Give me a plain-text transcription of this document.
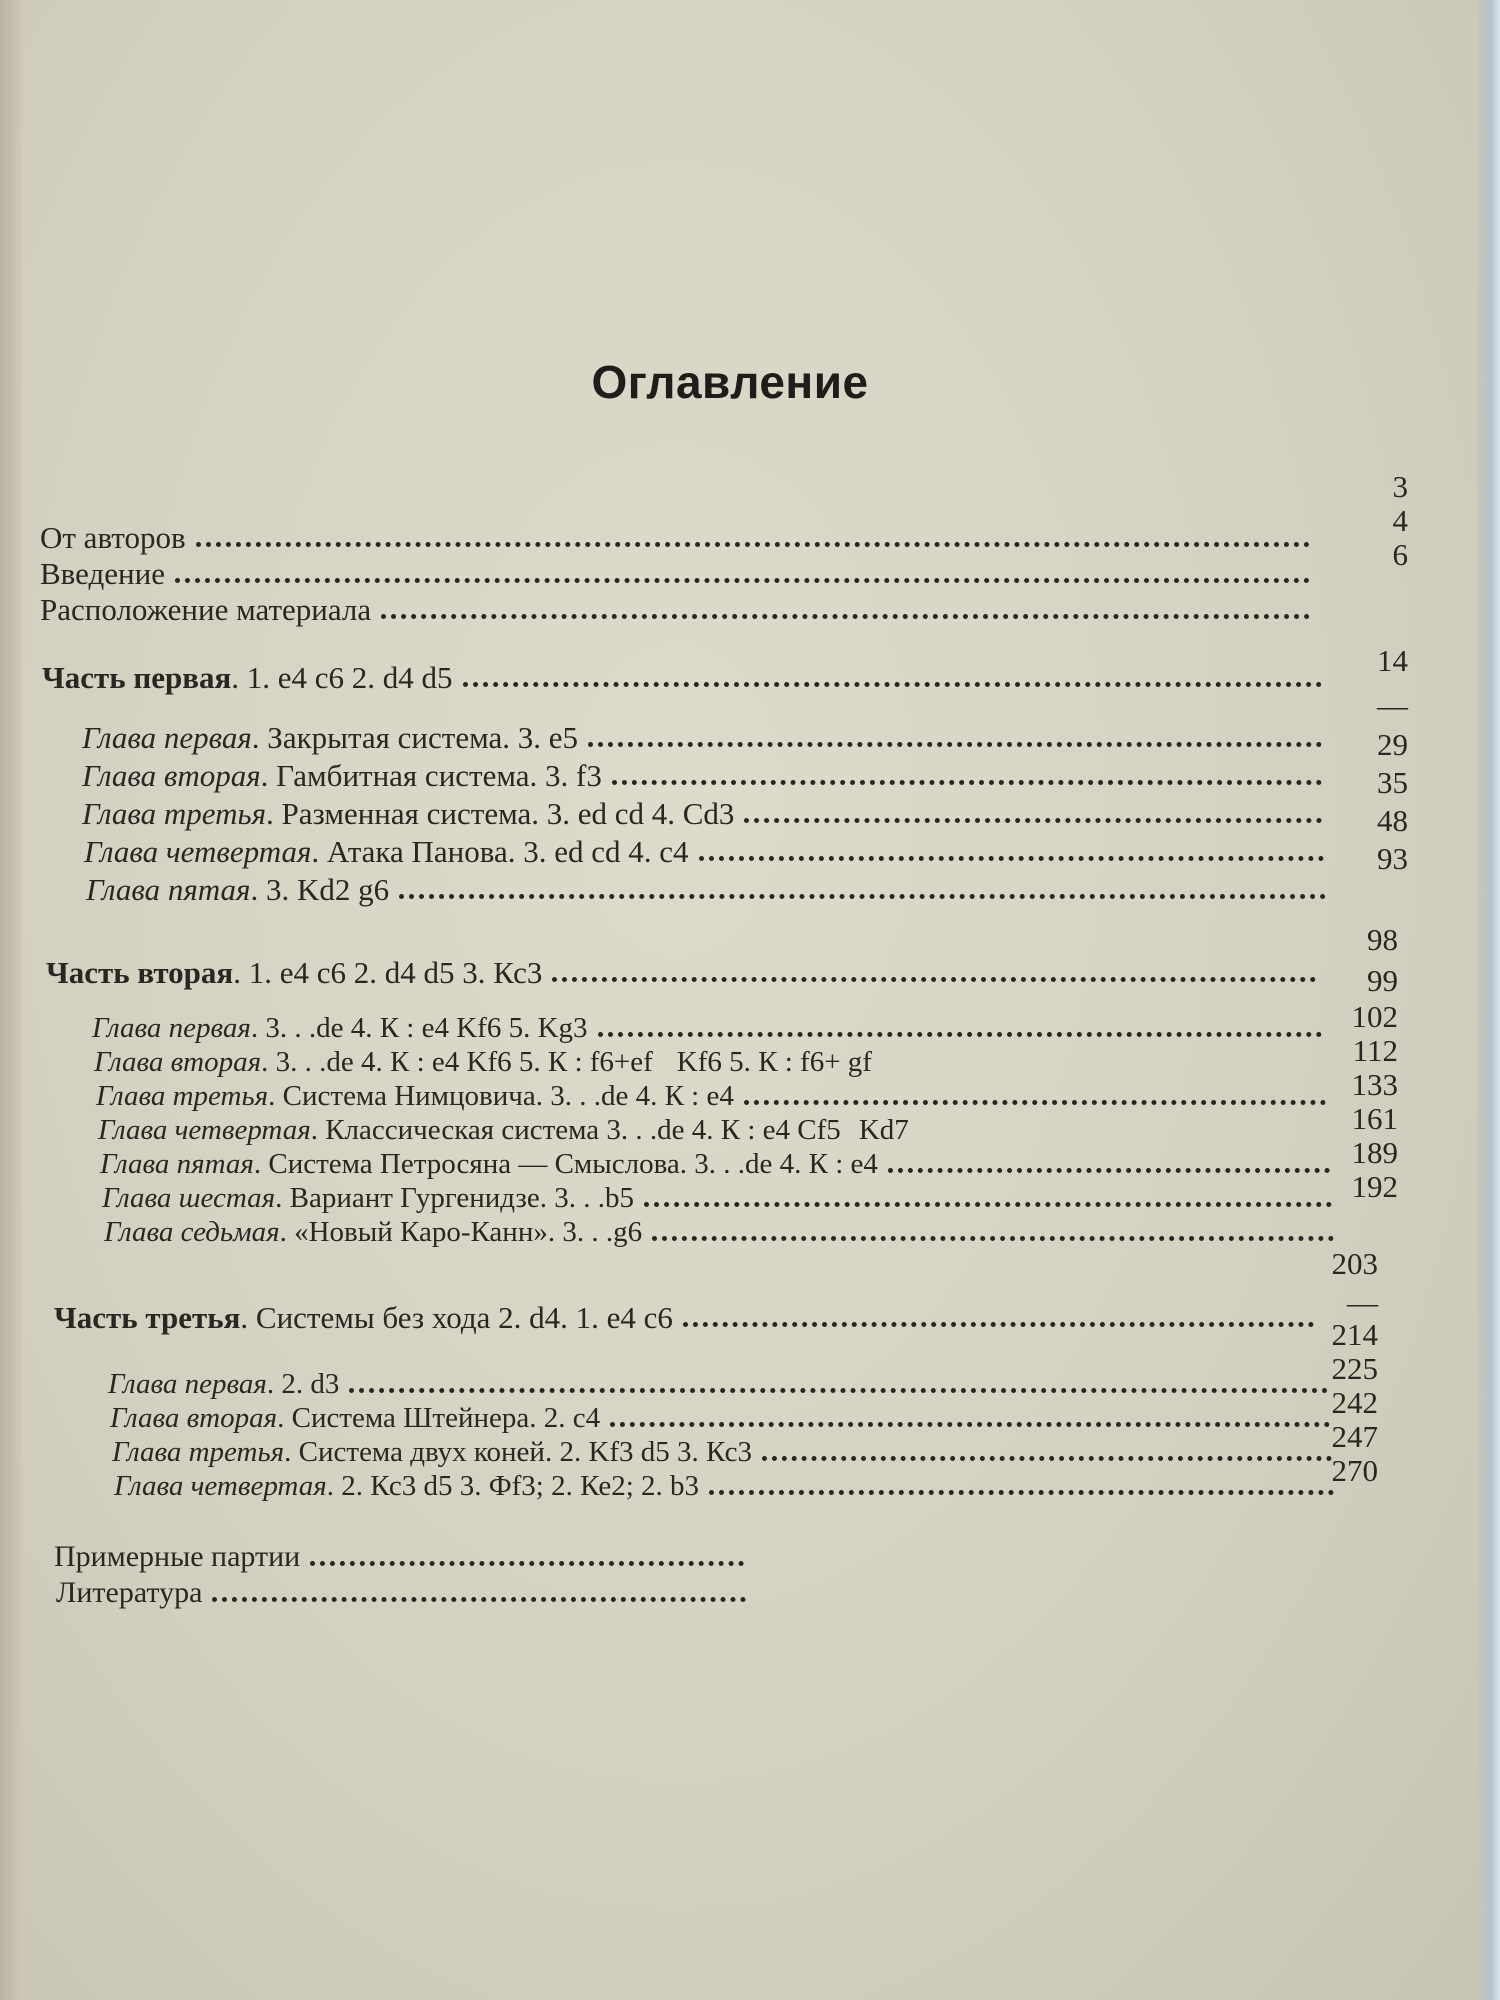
Оглавление
От авторов
Введение
Расположение материала
3
4
6
Часть первая. 1. е4 с6 2. d4 d5
Глава первая. Закрытая система. 3. е5
Глава вторая. Гамбитная система. 3. f3
Глава третья. Разменная система. 3. ed cd 4. Cd3
Глава четвертая. Атака Панова. 3. ed cd 4. с4
Глава пятая. 3. Kd2 g6
14
—
29
35
48
93
Часть вторая. 1. е4 с6 2. d4 d5 3. Кс3
Глава первая. 3. . .de 4. К : е4 Kf6 5. Kg3
Глава вторая. 3. . .de 4. К : е4 Kf6 5. К : f6+ef Kf6 5. К : f6+ gf
Глава третья. Система Нимцовича. 3. . .de 4. К : е4
Глава четвертая. Классическая система 3. . .de 4. К : е4 Cf5 Kd7
Глава пятая. Система Петросяна — Смыслова. 3. . .de 4. К : е4
Глава шестая. Вариант Гургенидзе. 3. . .b5
Глава седьмая. «Новый Каро-Канн». 3. . .g6
98
99
102
112
133
161
189
192
Часть третья. Системы без хода 2. d4. 1. е4 с6
Глава первая. 2. d3
Глава вторая. Система Штейнера. 2. с4
Глава третья. Система двух коней. 2. Kf3 d5 3. Кс3
Глава четвертая. 2. Кс3 d5 3. Фf3; 2. Ке2; 2. b3
203
—
214
225
242
247
270
Примерные партии
Литература
